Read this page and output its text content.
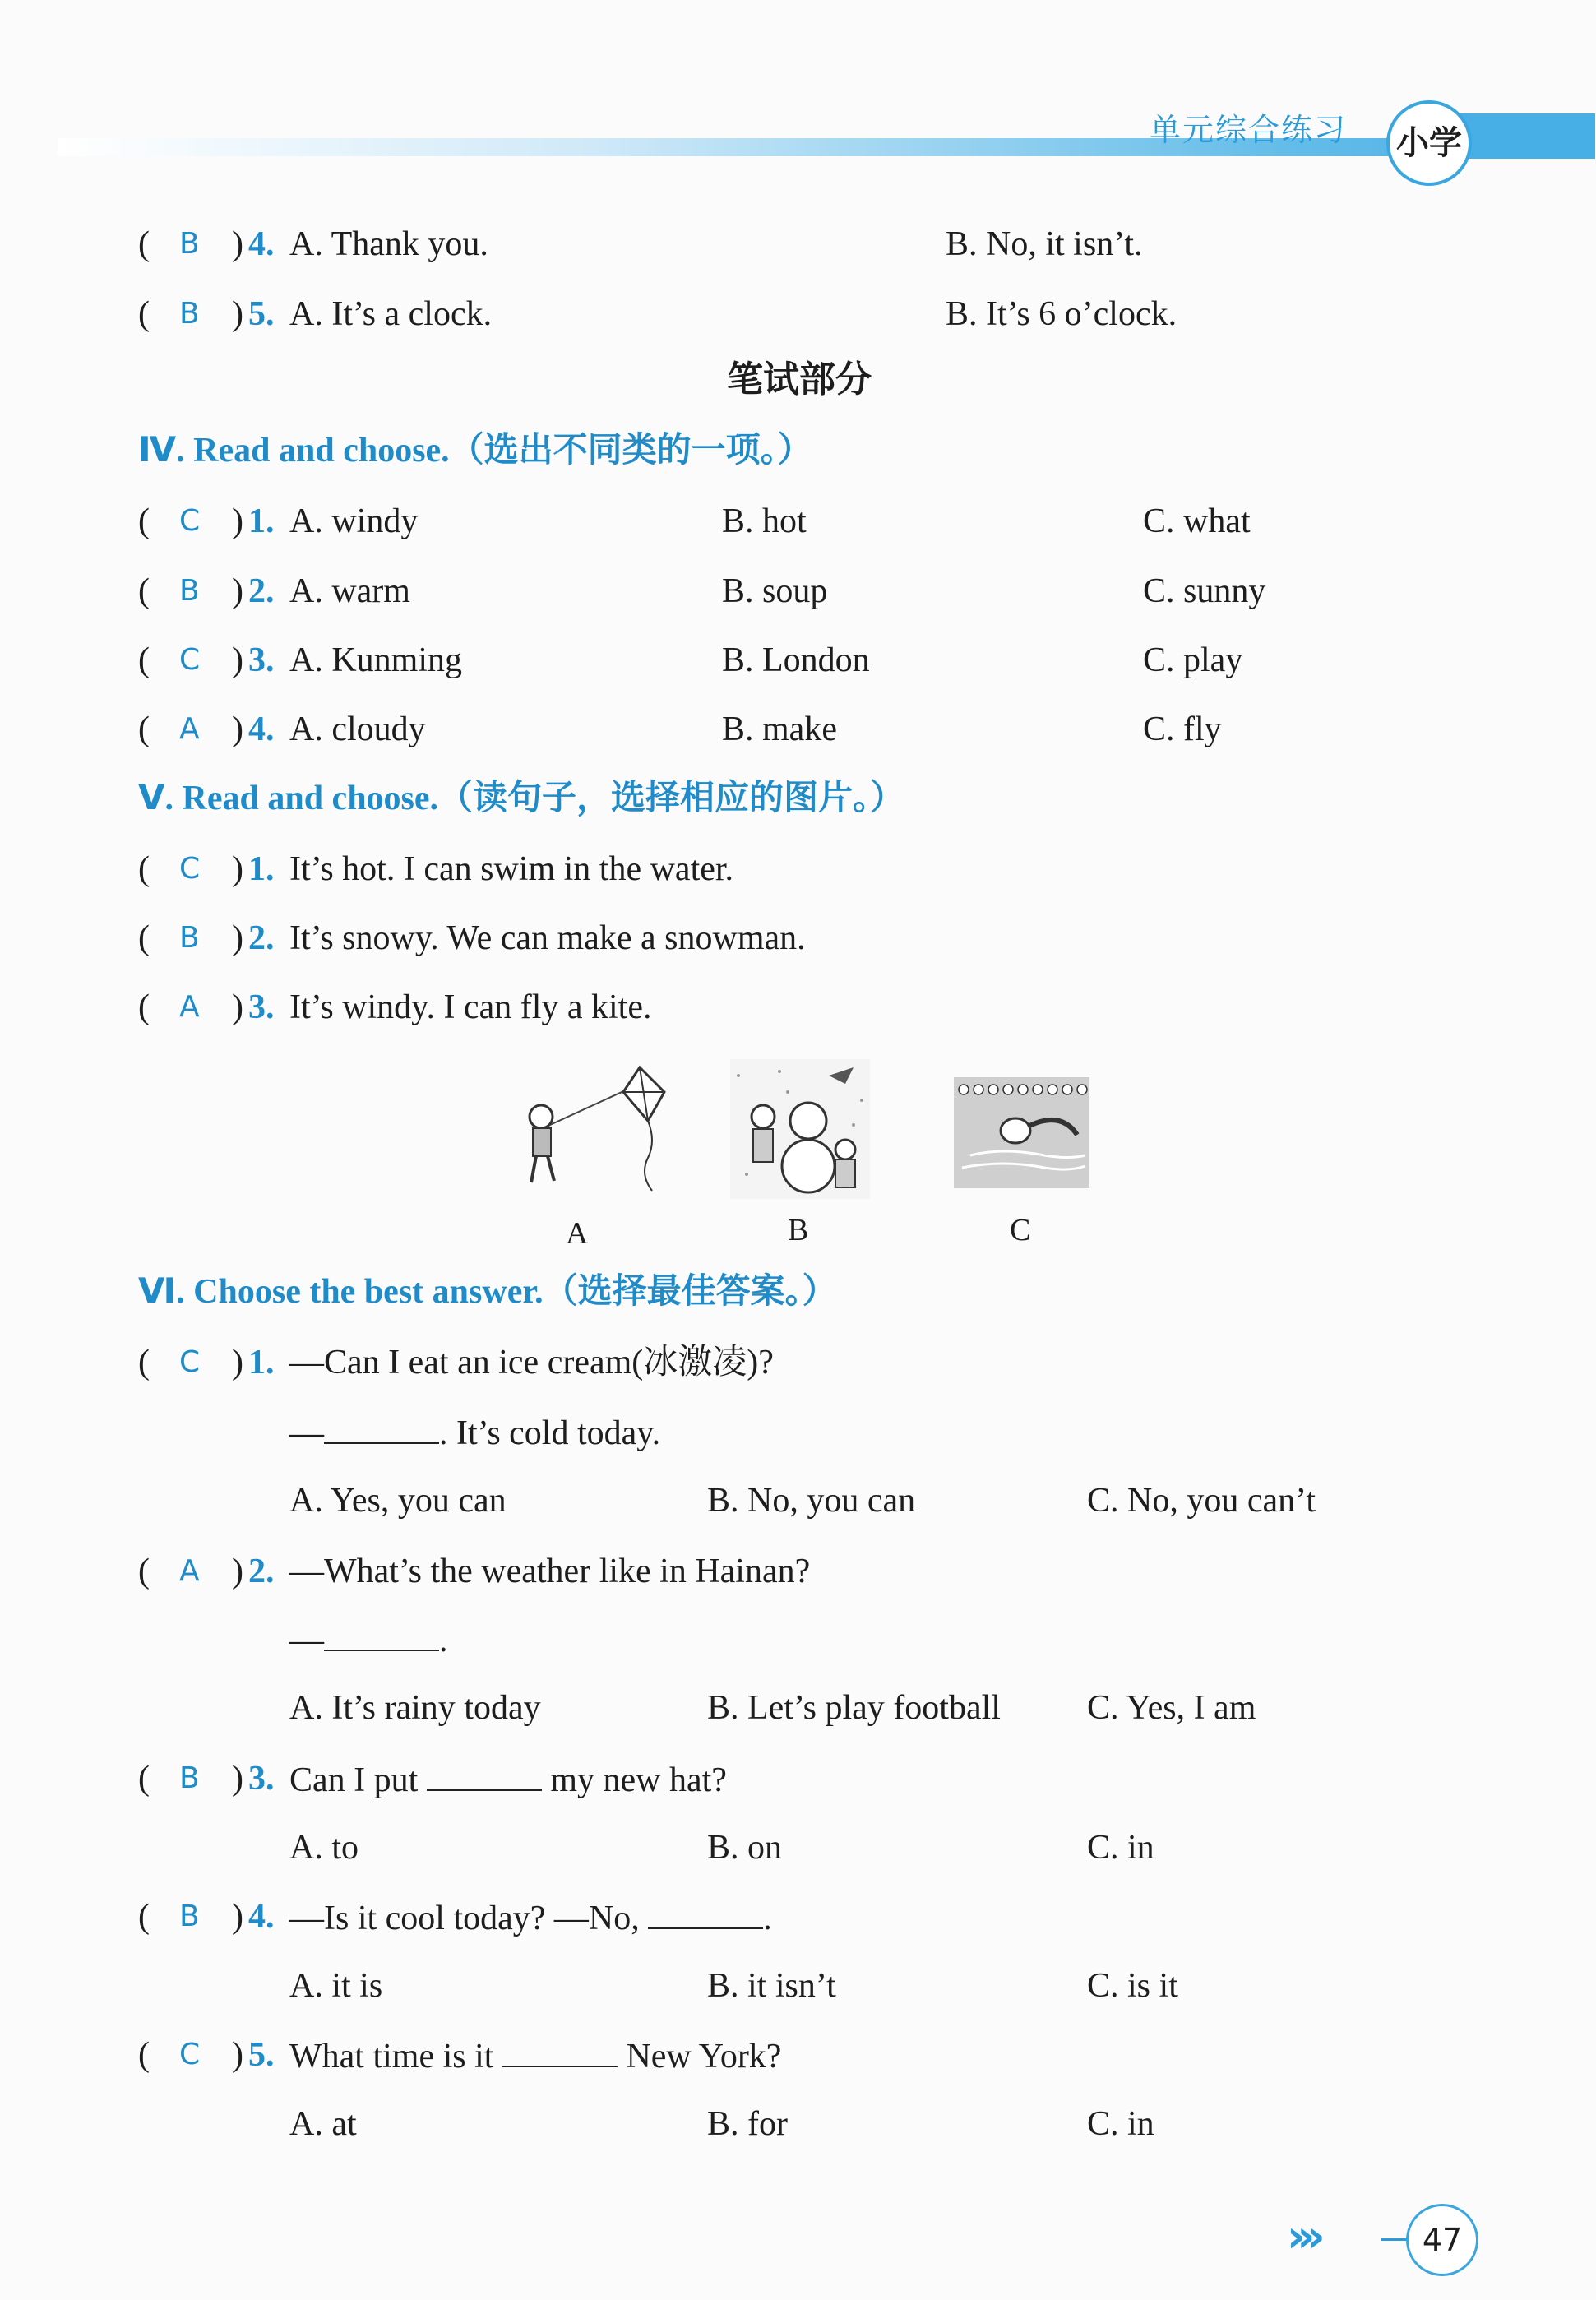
单元综合练习	小学
( B ) 4. A. Thank you.	B. No, it isn’t.
( B ) 5. A. It’s a clock.	B. It’s 6 o’clock.
笔试部分
Ⅳ. Read and choose.（选出不同类的一项。）
( C ) 1. A. windy	B. hot	C. what
( B ) 2. A. warm	B. soup	C. sunny
( C ) 3. A. Kunming	B. London	C. play
( A ) 4. A. cloudy	B. make	C. fly
Ⅴ. Read and choose.（读句子，选择相应的图片。）
( C ) 1. It’s hot. I can swim in the water.
( B ) 2. It’s snowy. We can make a snowman.
( A ) 3. It’s windy. I can fly a kite.
A	B	C
Ⅵ. Choose the best answer.（选择最佳答案。）
( C ) 1. —Can I eat an ice cream(冰激凌)?
—	. It’s cold today.
A. Yes, you can	B. No, you can	C. No, you can’t
( A ) 2. —What’s the weather like in Hainan?
—	.
A. It’s rainy today	B. Let’s play football	C. Yes, I am
( B ) 3. Can I put	my new hat?
A. to	B. on	C. in
( B ) 4. —Is it cool today? —No,	.
A. it is	B. it isn’t	C. is it
( C ) 5. What time is it	New York?
A. at	B. for	C. in
›››	47
